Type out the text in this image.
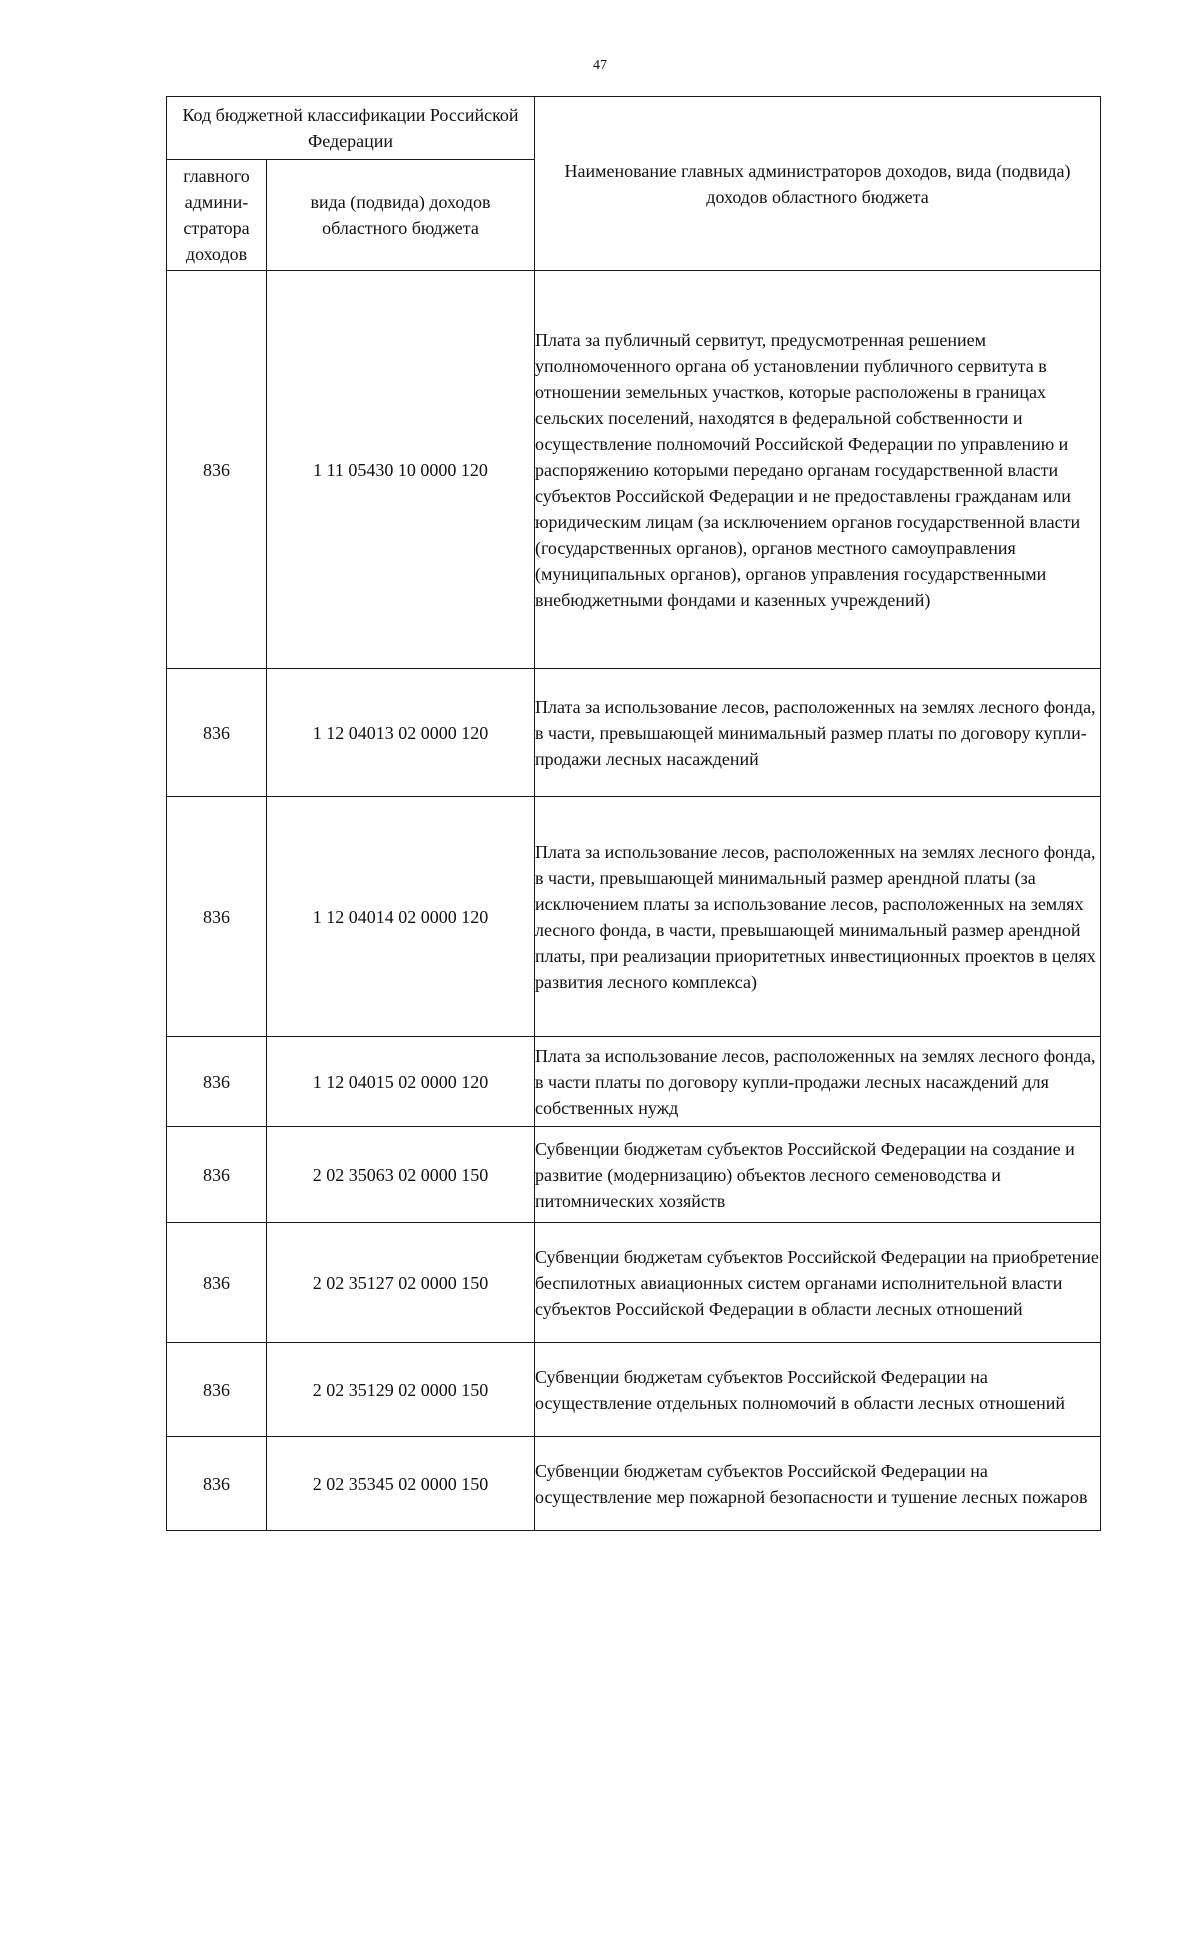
47
Код бюджетной классификации Российской Федерации		Наименование главных администраторов доходов, вида (подвида) доходов областного бюджета
главного
админи-
стратора
доходов	вида (подвида) доходов областного бюджета	
836	1 11 05430 10 0000 120	Плата за публичный сервитут, предусмотренная решением уполномоченного органа об установлении публичного сервитута в отношении земельных участков, которые расположены в границах сельских поселений, находятся в федеральной собственности и осуществление полномочий Российской Федерации по управлению и распоряжению которыми передано органам государственной власти субъектов Российской Федерации и не предоставлены гражданам или юридическим лицам (за исключением органов государственной власти (государственных органов), органов местного самоуправления (муниципальных органов), органов управления государственными внебюджетными фондами и казенных учреждений)
836	1 12 04013 02 0000 120	Плата за использование лесов, расположенных на землях лесного фонда, в части, превышающей минимальный размер платы по договору купли-продажи лесных насаждений
836	1 12 04014 02 0000 120	Плата за использование лесов, расположенных на землях лесного фонда, в части, превышающей минимальный размер арендной платы (за исключением платы за использование лесов, расположенных на землях лесного фонда, в части, превышающей минимальный размер арендной платы, при реализации приоритетных инвестиционных проектов в целях развития лесного комплекса)
836	1 12 04015 02 0000 120	Плата за использование лесов, расположенных на землях лесного фонда, в части платы по договору купли-продажи лесных насаждений для собственных нужд
836	2 02 35063 02 0000 150	Субвенции бюджетам субъектов Российской Федерации на создание и развитие (модернизацию) объектов лесного семеноводства и питомнических хозяйств
836	2 02 35127 02 0000 150	Субвенции бюджетам субъектов Российской Федерации на приобретение беспилотных авиационных систем органами исполнительной власти субъектов Российской Федерации в области лесных отношений
836	2 02 35129 02 0000 150	Субвенции бюджетам субъектов Российской Федерации на осуществление отдельных полномочий в области лесных отношений
836	2 02 35345 02 0000 150	Субвенции бюджетам субъектов Российской Федерации на осуществление мер пожарной безопасности и тушение лесных пожаров
